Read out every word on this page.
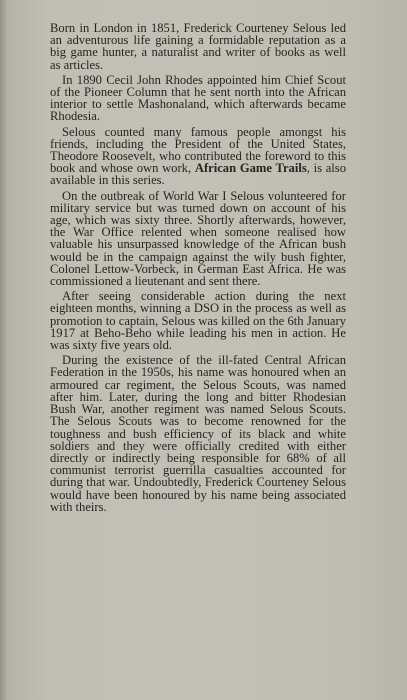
Born in London in 1851, Frederick Courteney Selous led an adventurous life gaining a formidable reputation as a big game hunter, a naturalist and writer of books as well as articles.

In 1890 Cecil John Rhodes appointed him Chief Scout of the Pioneer Column that he sent north into the African interior to settle Mashonaland, which afterwards became Rhodesia.

Selous counted many famous people amongst his friends, including the President of the United States, Theodore Roosevelt, who contributed the foreword to this book and whose own work, African Game Trails, is also available in this series.

On the outbreak of World War I Selous volunteered for military service but was turned down on account of his age, which was sixty three. Shortly afterwards, however, the War Office relented when someone realised how valuable his unsurpassed knowledge of the African bush would be in the campaign against the wily bush fighter, Colonel Lettow-Vorbeck, in German East Africa. He was commissioned a lieutenant and sent there.

After seeing considerable action during the next eighteen months, winning a DSO in the process as well as promotion to captain, Selous was killed on the 6th January 1917 at Beho-Beho while leading his men in action. He was sixty five years old.

During the existence of the ill-fated Central African Federation in the 1950s, his name was honoured when an armoured car regiment, the Selous Scouts, was named after him. Later, during the long and bitter Rhodesian Bush War, another regiment was named Selous Scouts. The Selous Scouts was to become renowned for the toughness and bush efficiency of its black and white soldiers and they were officially credited with either directly or indirectly being responsible for 68% of all communist terrorist guerrilla casualties accounted for during that war. Undoubtedly, Frederick Courteney Selous would have been honoured by his name being associated with theirs.
